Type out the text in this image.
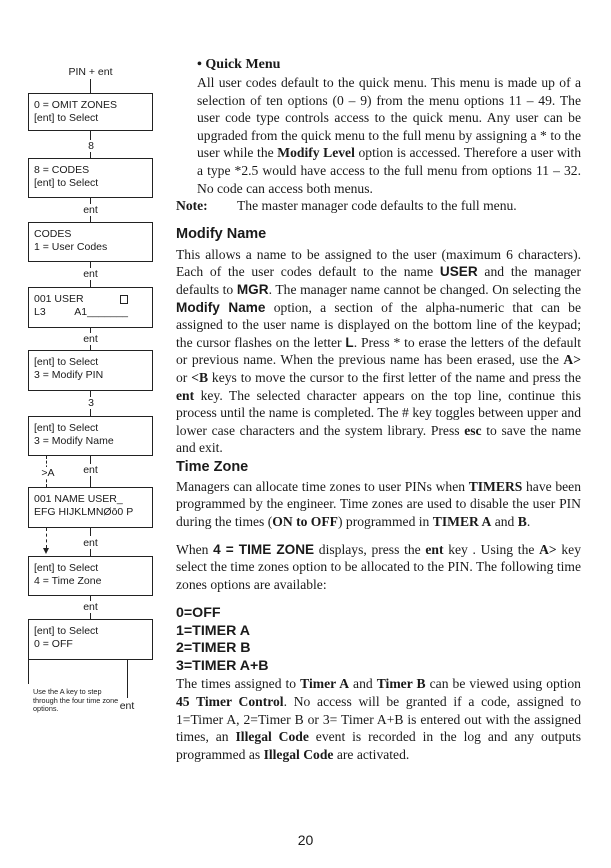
PIN + ent
0 = OMIT ZONES
[ent] to Select
8
8 = CODES
[ent] to Select
ent
CODES
1 = User Codes
ent
001 USER
L3          A1_______
ent
[ent] to Select
3 = Modify PIN
3
[ent] to Select
3 = Modify Name
ent
>A
001 NAME USER_
EFG HIJKLMNØō0 P
ent
[ent] to Select
4 = Time Zone
ent
[ent] to Select
0 = OFF
Use the A key to step through the four time zone options.	ent

• Quick Menu

All user codes default to the quick menu. This menu is made up of a selection of ten options (0 – 9) from the menu options 11 – 49. The user code type controls access to the quick menu. Any user can be upgraded from the quick menu to the full menu by assigning a * to the user while the Modify Level option is accessed. Therefore a user with a type *2.5 would have access to the full menu from options 11 – 32. No code can access both menus.

Note: The master manager code defaults to the full menu.

Modify Name

This allows a name to be assigned to the user (maximum 6 characters). Each of the user codes default to the name USER and the manager defaults to MGR. The manager name cannot be changed. On selecting the Modify Name option, a section of the alpha-numeric that can be assigned to the user name is displayed on the bottom line of the keypad; the cursor flashes on the letter L. Press * to erase the letters of the default or previous name. When the previous name has been erased, use the A> or <B keys to move the cursor to the first letter of the name and press the ent key. The selected character appears on the top line, continue this process until the name is completed. The # key toggles between upper and lower case characters and the system library. Press esc to save the name and exit.

Time Zone

Managers can allocate time zones to user PINs when TIMERS have been programmed by the engineer. Time zones are used to disable the user PIN during the times (ON to OFF) programmed in TIMER A and B.

When 4 = TIME ZONE displays, press the ent key . Using the A> key select the time zones option to be allocated to the PIN. The following time zones options are available:

0=OFF
1=TIMER A
2=TIMER B
3=TIMER A+B

The times assigned to Timer A and Timer B can be viewed using option 45 Timer Control. No access will be granted if a code, assigned to 1=Timer A, 2=Timer B or 3= Timer A+B is entered out with the assigned times, an Illegal Code event is recorded in the log and any outputs programmed as Illegal Code are activated.

20
